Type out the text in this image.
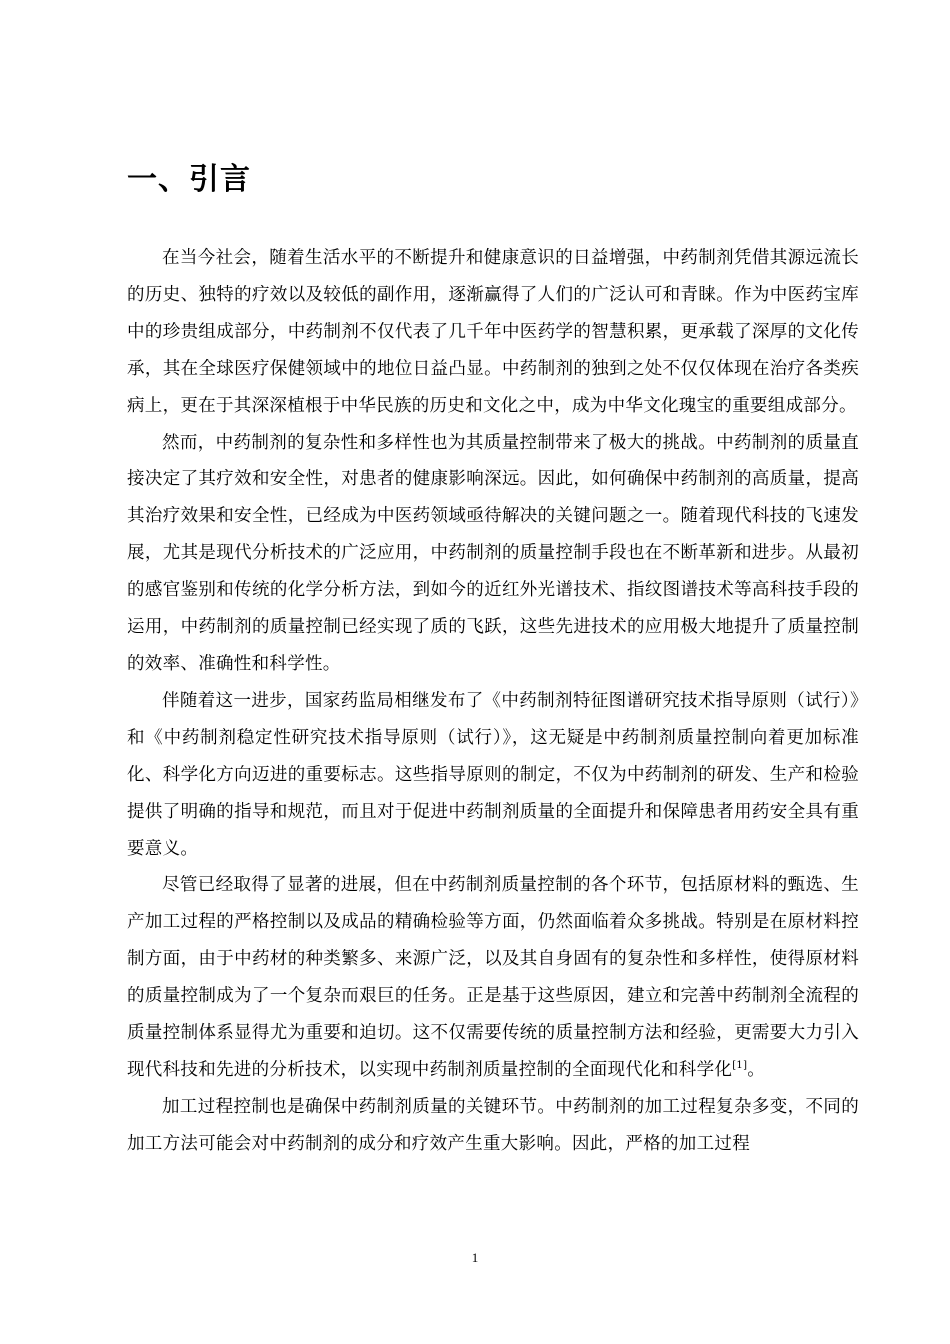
一、引言

在当今社会，随着生活水平的不断提升和健康意识的日益增强，中药制剂凭借其源远流长的历史、独特的疗效以及较低的副作用，逐渐赢得了人们的广泛认可和青睐。作为中医药宝库中的珍贵组成部分，中药制剂不仅代表了几千年中医药学的智慧积累，更承载了深厚的文化传承，其在全球医疗保健领域中的地位日益凸显。中药制剂的独到之处不仅仅体现在治疗各类疾病上，更在于其深深植根于中华民族的历史和文化之中，成为中华文化瑰宝的重要组成部分。

然而，中药制剂的复杂性和多样性也为其质量控制带来了极大的挑战。中药制剂的质量直接决定了其疗效和安全性，对患者的健康影响深远。因此，如何确保中药制剂的高质量，提高其治疗效果和安全性，已经成为中医药领域亟待解决的关键问题之一。随着现代科技的飞速发展，尤其是现代分析技术的广泛应用，中药制剂的质量控制手段也在不断革新和进步。从最初的感官鉴别和传统的化学分析方法，到如今的近红外光谱技术、指纹图谱技术等高科技手段的运用，中药制剂的质量控制已经实现了质的飞跃，这些先进技术的应用极大地提升了质量控制的效率、准确性和科学性。

伴随着这一进步，国家药监局相继发布了《中药制剂特征图谱研究技术指导原则（试行）》和《中药制剂稳定性研究技术指导原则（试行）》，这无疑是中药制剂质量控制向着更加标准化、科学化方向迈进的重要标志。这些指导原则的制定，不仅为中药制剂的研发、生产和检验提供了明确的指导和规范，而且对于促进中药制剂质量的全面提升和保障患者用药安全具有重要意义。

尽管已经取得了显著的进展，但在中药制剂质量控制的各个环节，包括原材料的甄选、生产加工过程的严格控制以及成品的精确检验等方面，仍然面临着众多挑战。特别是在原材料控制方面，由于中药材的种类繁多、来源广泛，以及其自身固有的复杂性和多样性，使得原材料的质量控制成为了一个复杂而艰巨的任务。正是基于这些原因，建立和完善中药制剂全流程的质量控制体系显得尤为重要和迫切。这不仅需要传统的质量控制方法和经验，更需要大力引入现代科技和先进的分析技术，以实现中药制剂质量控制的全面现代化和科学化[1]。

加工过程控制也是确保中药制剂质量的关键环节。中药制剂的加工过程复杂多变，不同的加工方法可能会对中药制剂的成分和疗效产生重大影响。因此，严格的加工过程

1
